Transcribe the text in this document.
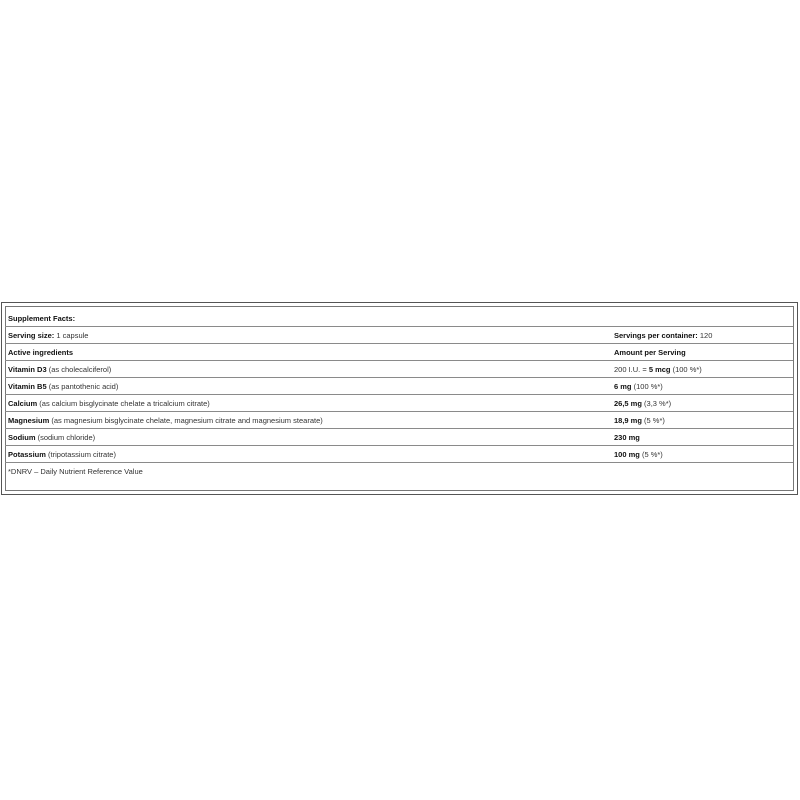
Supplement Facts:
Serving size: 1 capsule	Servings per container: 120
Active ingredients	Amount per Serving
Vitamin D3 (as cholecalciferol)	200 I.U. = 5 mcg (100 %*)
Vitamin B5 (as pantothenic acid)	6 mg (100 %*)
Calcium (as calcium bisglycinate chelate a tricalcium citrate)	26,5 mg (3,3 %*)
Magnesium (as magnesium bisglycinate chelate, magnesium citrate and magnesium stearate)	18,9 mg (5 %*)
Sodium (sodium chloride)	230 mg
Potassium (tripotassium citrate)	100 mg (5 %*)
*DNRV – Daily Nutrient Reference Value
